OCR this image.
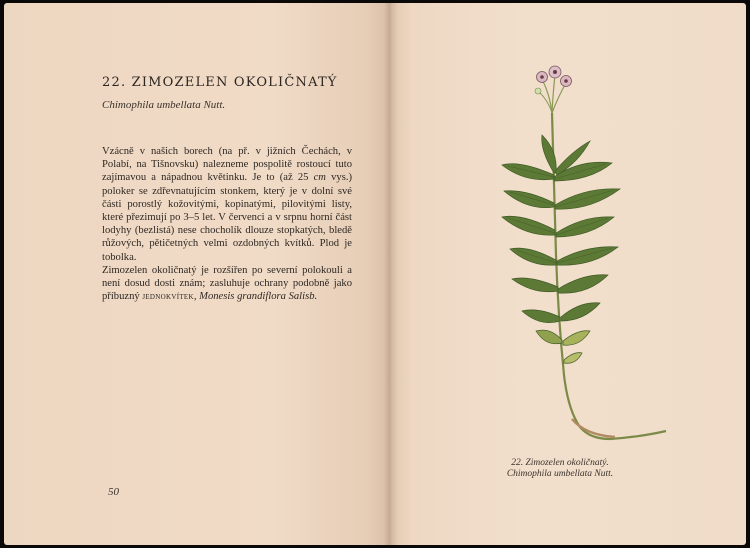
22. ZIMOZELEN OKOLIČNATÝ
Chimophila umbellata Nutt.

Vzácně v našich borech (na př. v jižních Čechách, v Polabí, na Tišnovsku) nalezneme pospolitě rostoucí tuto zajímavou a nápadnou květinku. Je to (až 25 cm vys.) poloker se zdřevnatujícím stonkem, který je v dolní své části porostlý kožovitými, kopinatými, pilovitými listy, které přezimují po 3–5 let. V červenci a v srpnu horní část lodyhy (bezlistá) nese chocholík dlouze stopkatých, bledě růžových, pětičetných velmi ozdobných kvítků. Plod je tobolka.

Zimozelen okoličnatý je rozšířen po severní polokouli a není dosud dosti znám; zasluhuje ochrany podobně jako příbuzný jednokvítek, Monesis grandiflora Salisb.

50
22. Zimozelen okoličnatý.
Chimophila umbellata Nutt.
